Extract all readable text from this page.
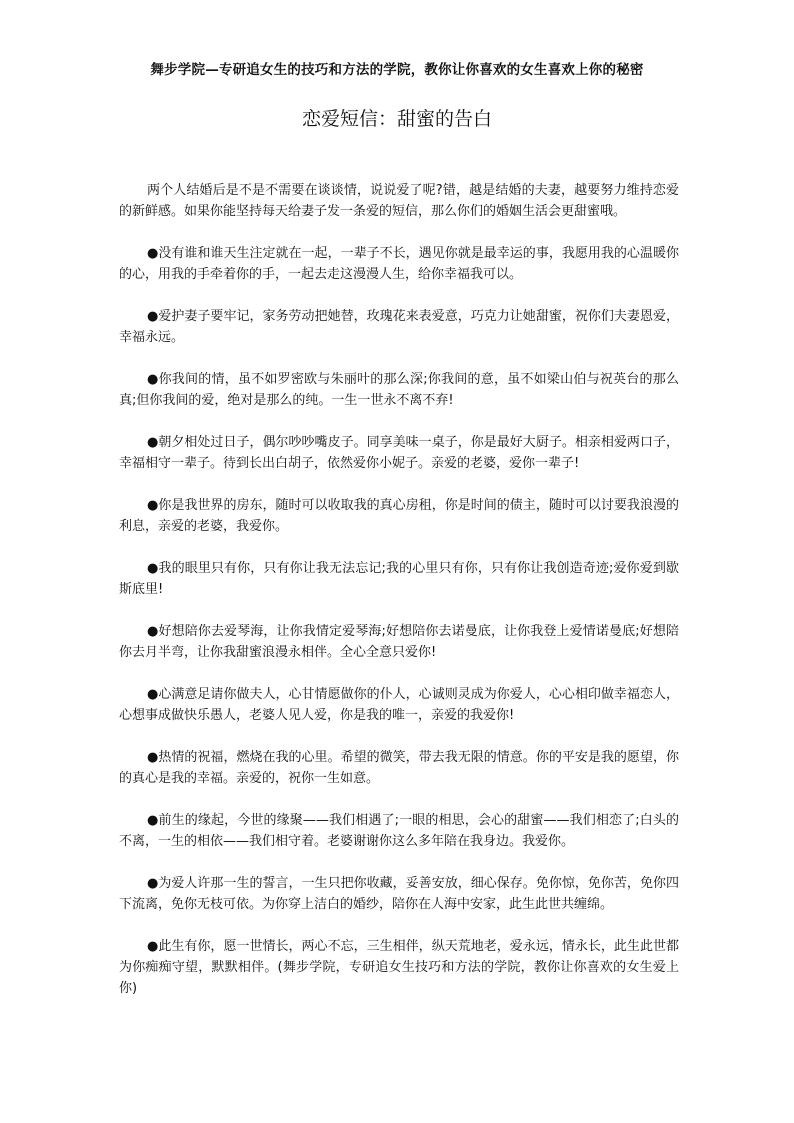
舞步学院—专研追女生的技巧和方法的学院，教你让你喜欢的女生喜欢上你的秘密
恋爱短信：甜蜜的告白

两个人结婚后是不是不需要在谈谈情，说说爱了呢?错，越是结婚的夫妻，越要努力维持恋爱的新鲜感。如果你能坚持每天给妻子发一条爱的短信，那么你们的婚姻生活会更甜蜜哦。

●没有谁和谁天生注定就在一起，一辈子不长，遇见你就是最幸运的事，我愿用我的心温暖你的心，用我的手牵着你的手，一起去走这漫漫人生，给你幸福我可以。

●爱护妻子要牢记，家务劳动把她替，玫瑰花来表爱意，巧克力让她甜蜜，祝你们夫妻恩爱，幸福永远。

●你我间的情，虽不如罗密欧与朱丽叶的那么深;你我间的意，虽不如梁山伯与祝英台的那么真;但你我间的爱，绝对是那么的纯。一生一世永不离不弃!

●朝夕相处过日子，偶尔吵吵嘴皮子。同享美味一桌子，你是最好大厨子。相亲相爱两口子，幸福相守一辈子。待到长出白胡子，依然爱你小妮子。亲爱的老婆，爱你一辈子!

●你是我世界的房东，随时可以收取我的真心房租，你是时间的债主，随时可以讨要我浪漫的利息，亲爱的老婆，我爱你。

●我的眼里只有你，只有你让我无法忘记;我的心里只有你，只有你让我创造奇迹;爱你爱到歇斯底里!

●好想陪你去爱琴海，让你我情定爱琴海;好想陪你去诺曼底，让你我登上爱情诺曼底;好想陪你去月半弯，让你我甜蜜浪漫永相伴。全心全意只爱你!

●心满意足请你做夫人，心甘情愿做你的仆人，心诚则灵成为你爱人，心心相印做幸福恋人，心想事成做快乐愚人，老婆人见人爱，你是我的唯一，亲爱的我爱你!

●热情的祝福，燃烧在我的心里。希望的微笑，带去我无限的情意。你的平安是我的愿望，你的真心是我的幸福。亲爱的，祝你一生如意。

●前生的缘起，今世的缘聚——我们相遇了;一眼的相思，会心的甜蜜——我们相恋了;白头的不离，一生的相依——我们相守着。老婆谢谢你这么多年陪在我身边。我爱你。

●为爱人许那一生的誓言，一生只把你收藏，妥善安放，细心保存。免你惊，免你苦，免你四下流离，免你无枝可依。为你穿上洁白的婚纱，陪你在人海中安家，此生此世共缠绵。

●此生有你，愿一世情长，两心不忘，三生相伴，纵天荒地老，爱永远，情永长，此生此世都为你痴痴守望，默默相伴。(舞步学院，专研追女生技巧和方法的学院，教你让你喜欢的女生爱上你)
